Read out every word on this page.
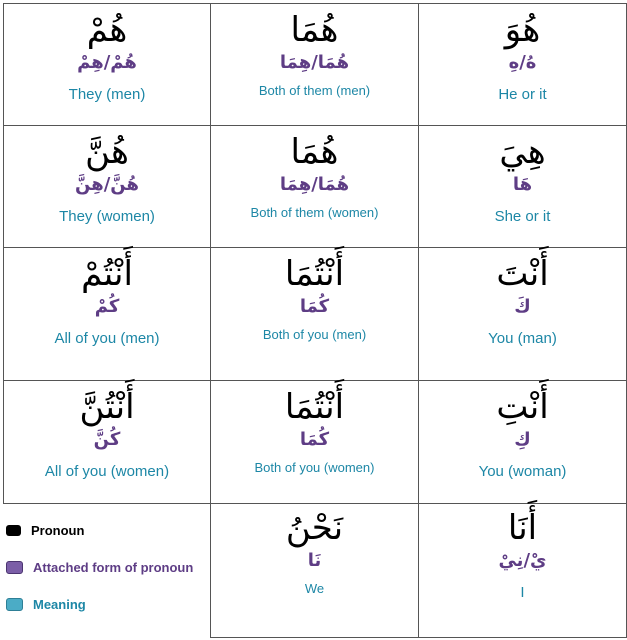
هُمْ
هُمْ/هِمْ
They (men)
هُمَا
هُمَا/هِمَا
Both of them (men)
هُوَ
هُ/هِ
He or it
هُنَّ
هُنَّ/هِنَّ
They (women)
هُمَا
هُمَا/هِمَا
Both of them (women)
هِيَ
هَا
She or it
أَنْتُمْ
كُمْ
All of you (men)
أَنْتُمَا
كُمَا
Both of you (men)
أَنْتَ
كَ
You (man)
أَنْتُنَّ
كُنَّ
All of you (women)
أَنْتُمَا
كُمَا
Both of you (women)
أَنْتِ
كِ
You (woman)
نَحْنُ
نَا
We
أَنَا
يْ/نِيْ
I
Pronoun
Attached form of pronoun
Meaning
